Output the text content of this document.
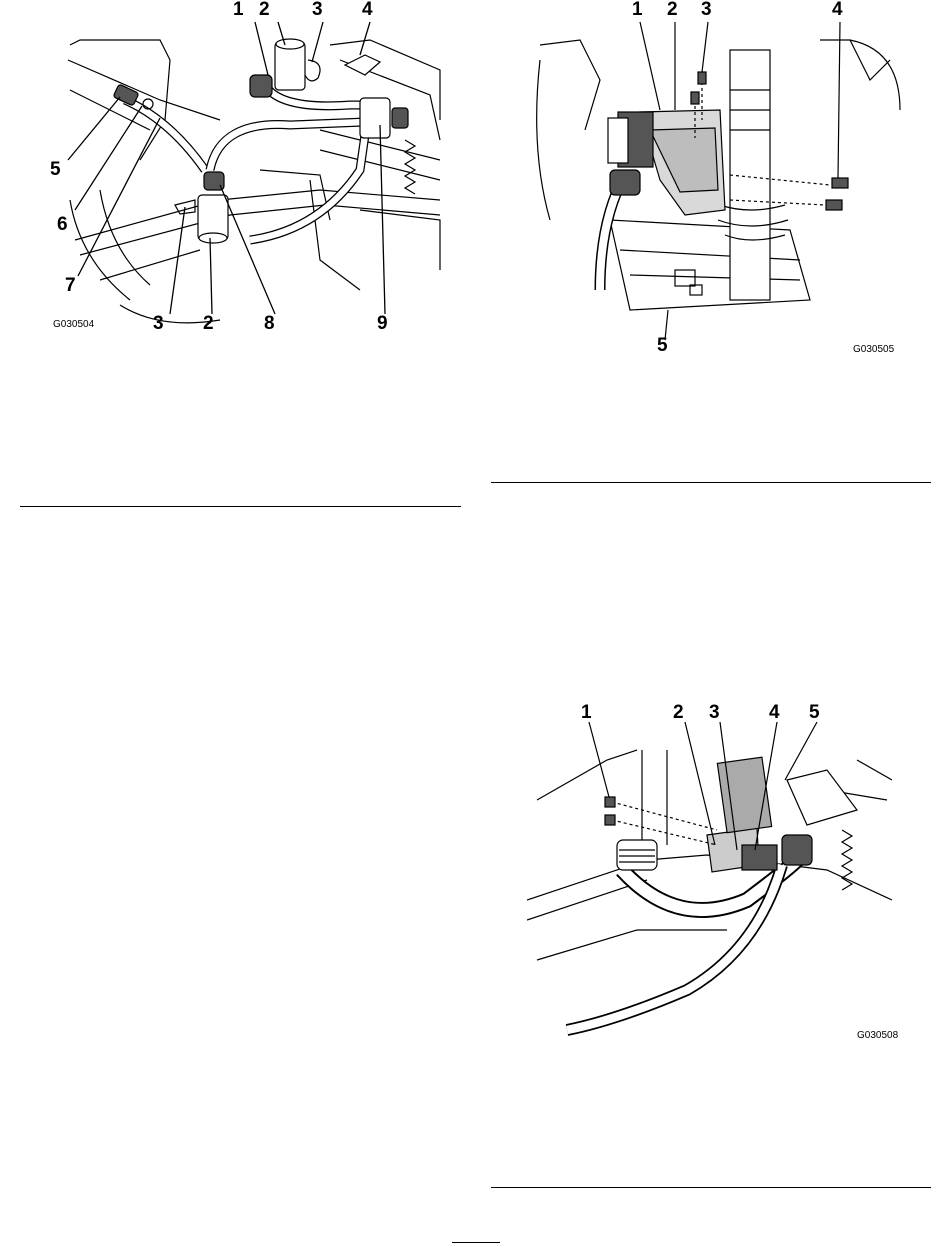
1 2 3 4
5
6
7
3 2	8	9
G030504
1 2 3	4
5	G030505
1	2 3	4 5
G030508
